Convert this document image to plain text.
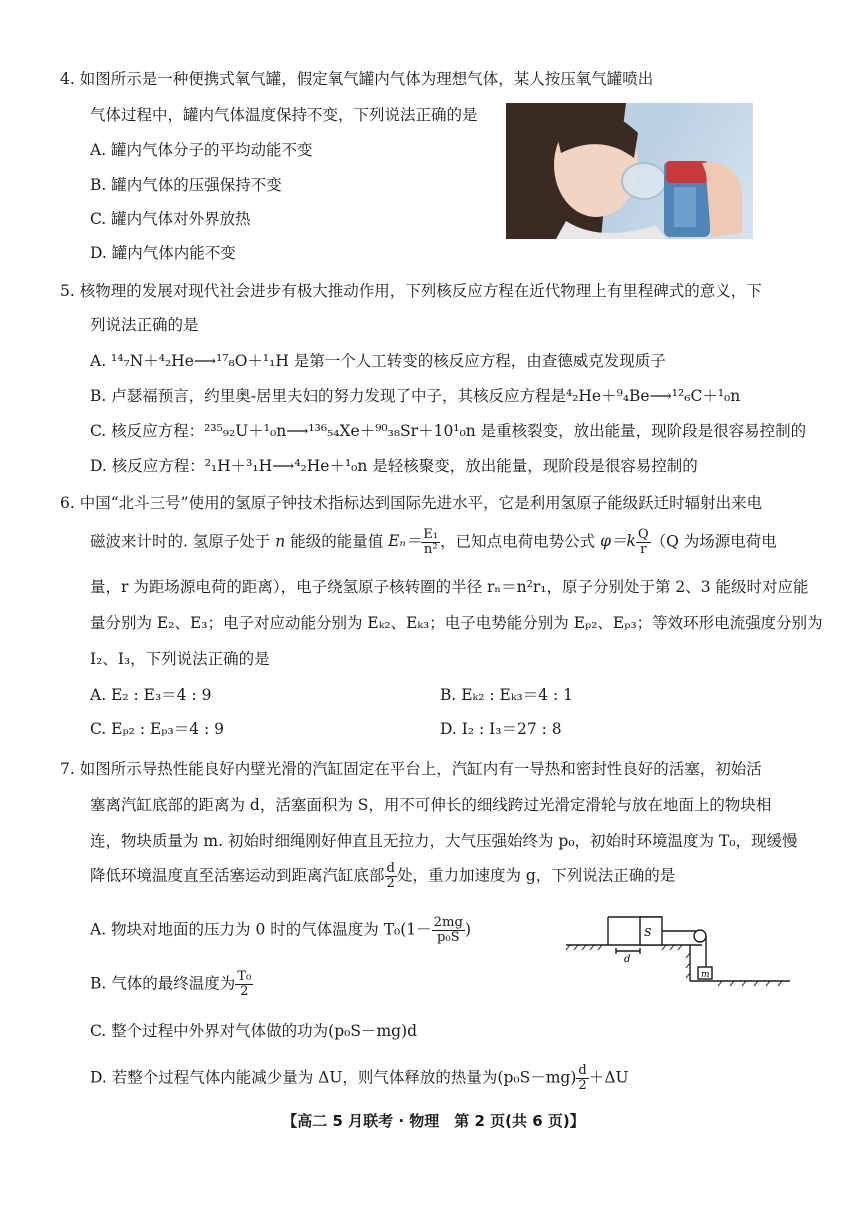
4. 如图所示是一种便携式氧气罐，假定氧气罐内气体为理想气体，某人按压氧气罐喷出
气体过程中，罐内气体温度保持不变，下列说法正确的是
A. 罐内气体分子的平均动能不变
B. 罐内气体的压强保持不变
C. 罐内气体对外界放热
D. 罐内气体内能不变
5. 核物理的发展对现代社会进步有极大推动作用，下列核反应方程在近代物理上有里程碑式的意义，下
列说法正确的是
A. ¹⁴₇N＋⁴₂He⟶¹⁷₈O＋¹₁H 是第一个人工转变的核反应方程，由查德威克发现质子
B. 卢瑟福预言，约里奥-居里夫妇的努力发现了中子，其核反应方程是⁴₂He＋⁹₄Be⟶¹²₆C＋¹₀n
C. 核反应方程：²³⁵₉₂U＋¹₀n⟶¹³⁶₅₄Xe＋⁹⁰₃₈Sr＋10¹₀n 是重核裂变，放出能量，现阶段是很容易控制的
D. 核反应方程：²₁H＋³₁H⟶⁴₂He＋¹₀n 是轻核聚变，放出能量，现阶段是很容易控制的
6. 中国“北斗三号”使用的氢原子钟技术指标达到国际先进水平，它是利用氢原子能级跃迁时辐射出来电
磁波来计时的. 氢原子处于 n 能级的能量值 $E_n= \frac{\text{E₁}}{\text{n²}}$ ，已知点电荷电势公式 $\varphi=k \frac{Q}{r} (Q$ 为场源电荷电
量，r 为距场源电荷的距离），电子绕氢原子核转圈的半径 rₙ＝n²r₁，原子分别处于第 2、3 能级时对应能
量分别为 E₂、E₃；电子对应动能分别为 Eₖ₂、Eₖ₃；电子电势能分别为 Eₚ₂、Eₚ₃；等效环形电流强度分别为
I₂、I₃，下列说法正确的是
A. E₂ : E₃＝4 : 9	B. Eₖ₂ : Eₖ₃＝4 : 1
C. Eₚ₂ : Eₚ₃＝4 : 9	D. I₂ : I₃＝27 : 8
7. 如图所示导热性能良好内壁光滑的汽缸固定在平台上，汽缸内有一导热和密封性良好的活塞，初始活
塞离汽缸底部的距离为 d，活塞面积为 S，用不可伸长的细线跨过光滑定滑轮与放在地面上的物块相
连，物块质量为 m. 初始时细绳刚好伸直且无拉力，大气压强始终为 p₀，初始时环境温度为 T₀，现缓慢
降低环境温度直至活塞运动到距离汽缸底部 $\frac{d}{2}$ 处，重力加速度为 g，下列说法正确的是
A. 物块对地面的压力为 0 时的气体温度为 $T_0(1- \frac{2mg}{\text{p₀S}}$ )
B. 气体的最终温度为 $\frac{\text{T₀}}{2}$
C. 整个过程中外界对气体做的功为(p₀S－mg)d
D. 若整个过程气体内能减少量为 ΔU，则气体释放的热量为$(p_0S-mg) \frac{d}{2} +\Delta U$
S
d
m
【高二 5 月联考 · 物理　第 2 页(共 6 页)】
